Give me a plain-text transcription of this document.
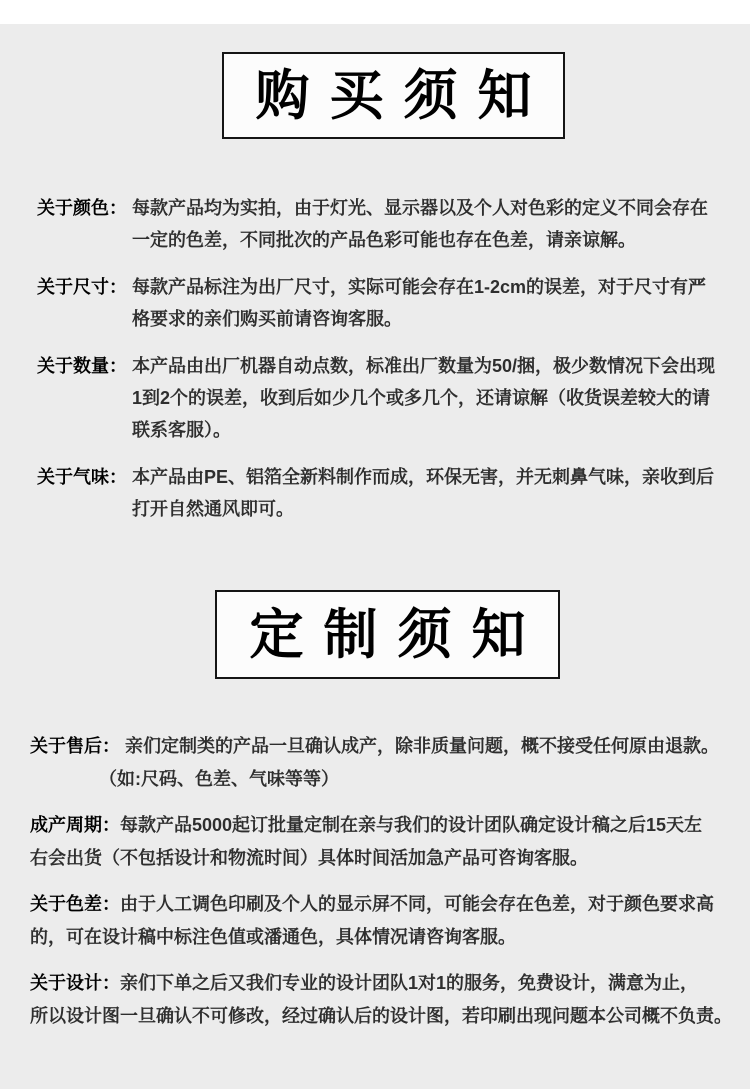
购买须知
关于颜色： 每款产品均为实拍，由于灯光、显示器以及个人对色彩的定义不同会存在
一定的色差，不同批次的产品色彩可能也存在色差，请亲谅解。
关于尺寸： 每款产品标注为出厂尺寸，实际可能会存在1-2cm的误差，对于尺寸有严
格要求的亲们购买前请咨询客服。
关于数量： 本产品由出厂机器自动点数，标准出厂数量为50/捆，极少数情况下会出现
1到2个的误差，收到后如少几个或多几个，还请谅解（收货误差较大的请
联系客服）。
关于气味： 本产品由PE、铝箔全新料制作而成，环保无害，并无刺鼻气味，亲收到后
打开自然通风即可。
定制须知
关于售后： 亲们定制类的产品一旦确认成产，除非质量问题，概不接受任何原由退款。
（如:尺码、色差、气味等等）
成产周期：每款产品5000起订批量定制在亲与我们的设计团队确定设计稿之后15天左
右会出货（不包括设计和物流时间）具体时间活加急产品可咨询客服。
关于色差：由于人工调色印刷及个人的显示屏不同，可能会存在色差，对于颜色要求高
的，可在设计稿中标注色值或潘通色，具体情况请咨询客服。
关于设计：亲们下单之后又我们专业的设计团队1对1的服务，免费设计，满意为止，
所以设计图一旦确认不可修改，经过确认后的设计图，若印刷出现问题本公司概不负责。
